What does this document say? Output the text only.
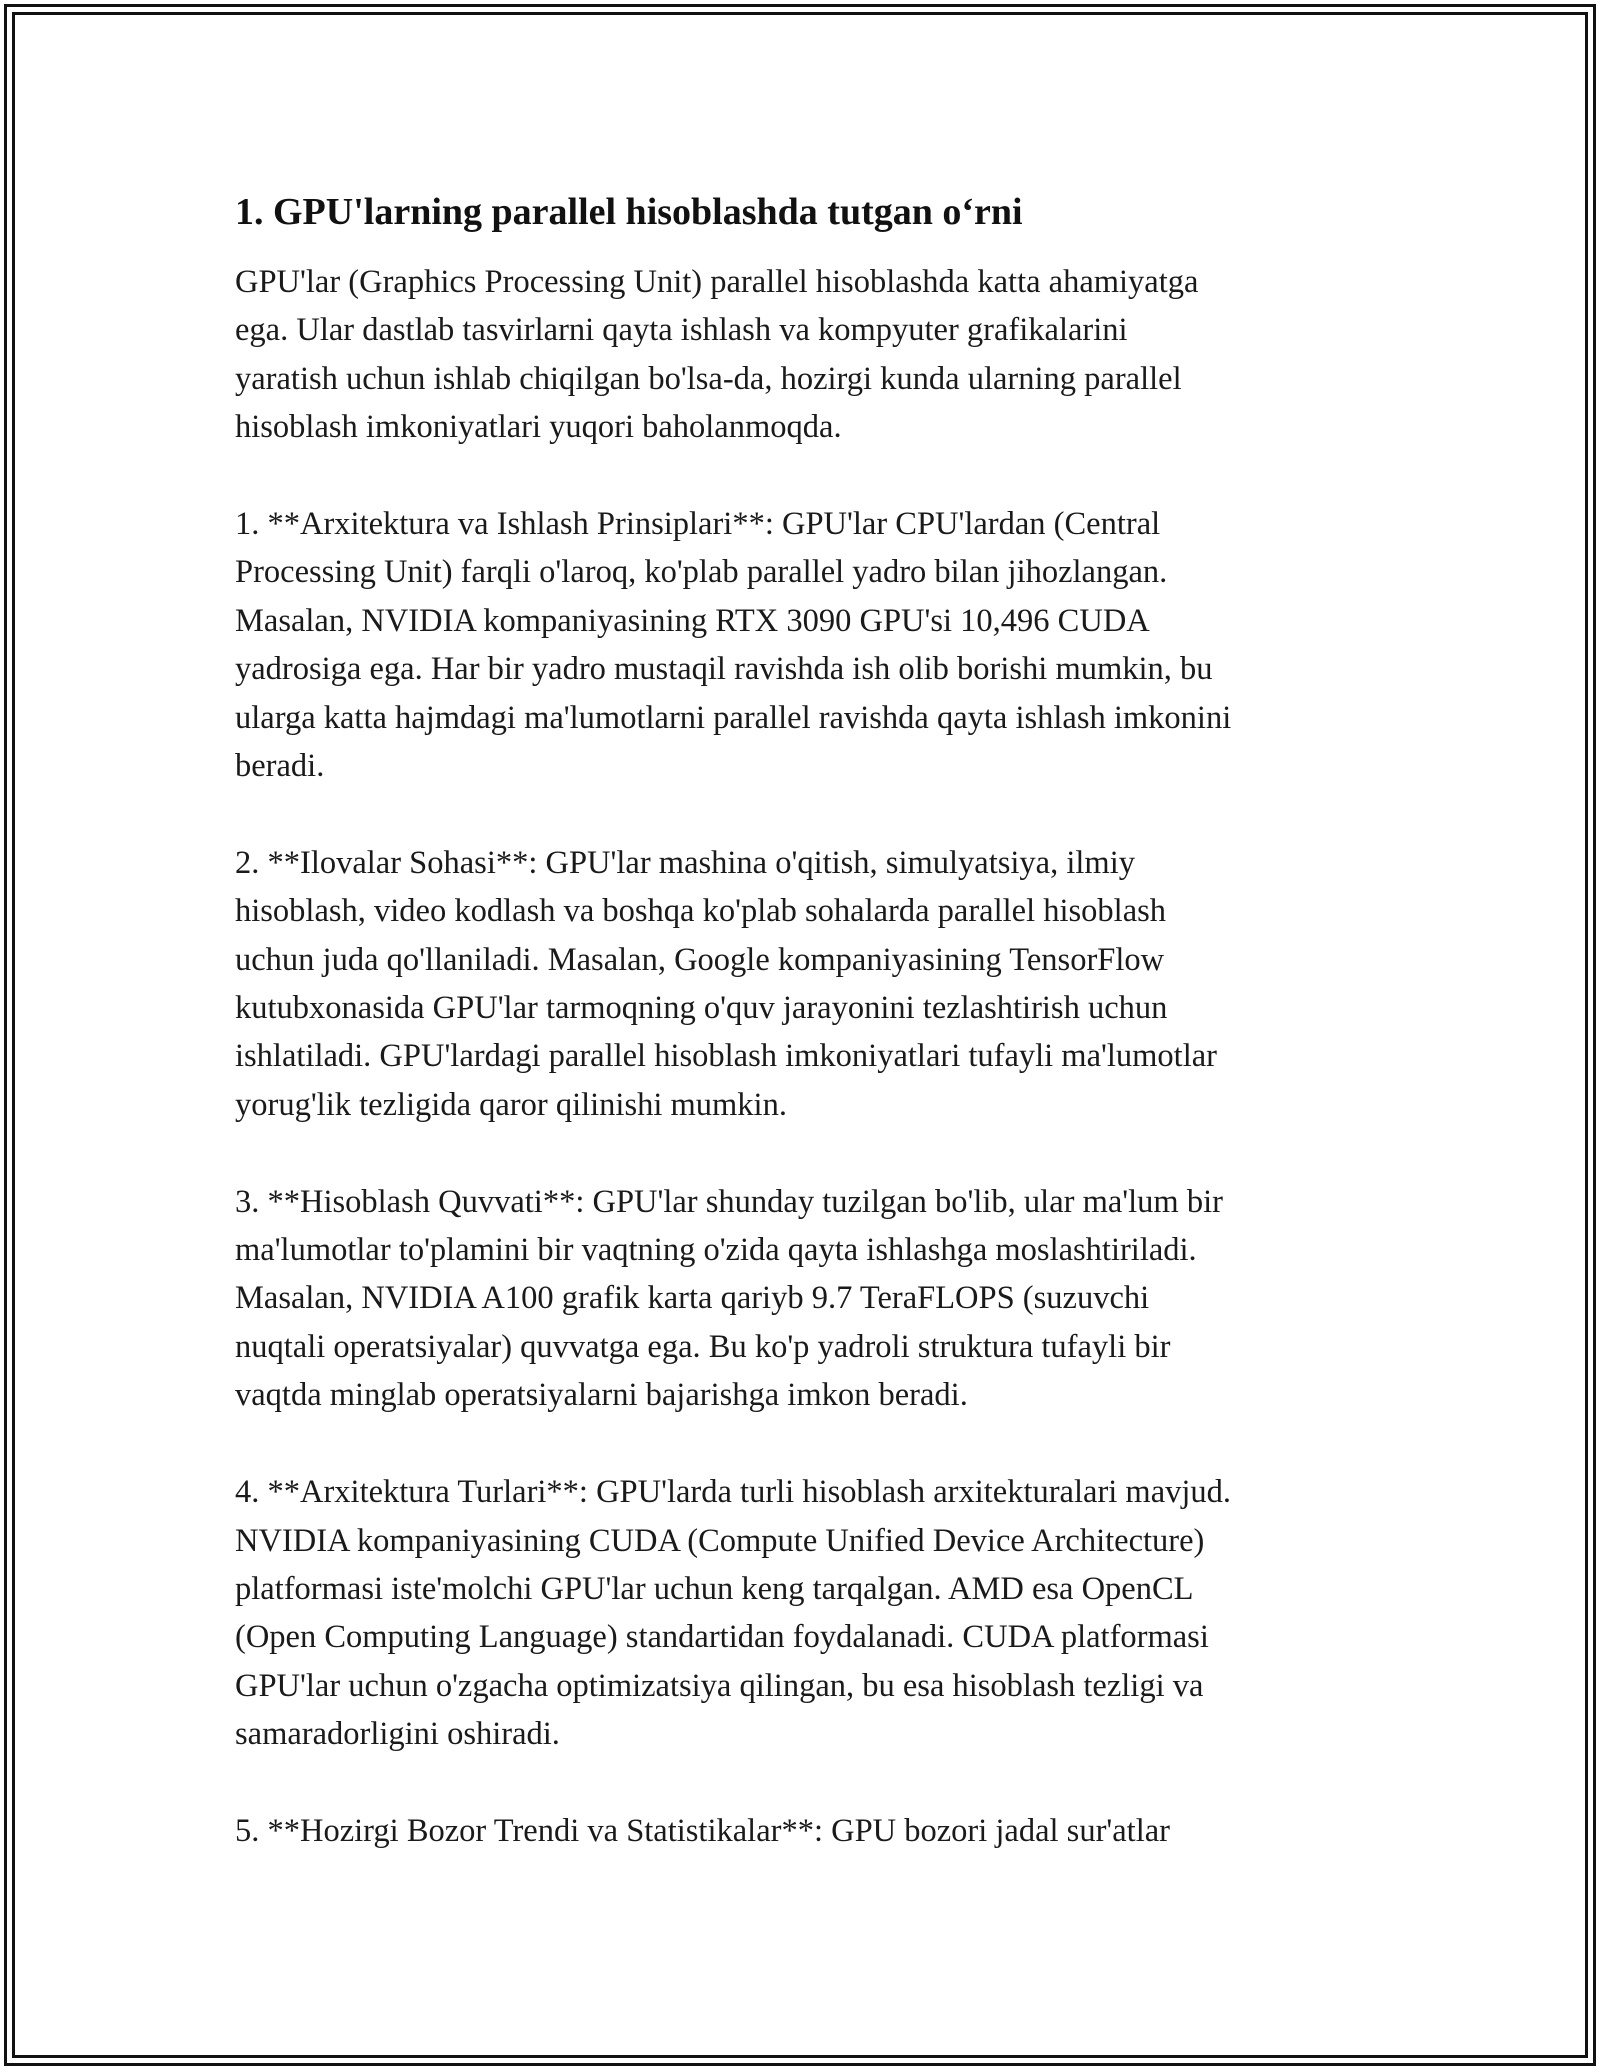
1. GPU'larning parallel hisoblashda tutgan o‘rni
GPU'lar (Graphics Processing Unit) parallel hisoblashda katta ahamiyatga
ega. Ular dastlab tasvirlarni qayta ishlash va kompyuter grafikalarini
yaratish uchun ishlab chiqilgan bo'lsa-da, hozirgi kunda ularning parallel
hisoblash imkoniyatlari yuqori baholanmoqda.
1. **Arxitektura va Ishlash Prinsiplari**: GPU'lar CPU'lardan (Central
Processing Unit) farqli o'laroq, ko'plab parallel yadro bilan jihozlangan.
Masalan, NVIDIA kompaniyasining RTX 3090 GPU'si 10,496 CUDA
yadrosiga ega. Har bir yadro mustaqil ravishda ish olib borishi mumkin, bu
ularga katta hajmdagi ma'lumotlarni parallel ravishda qayta ishlash imkonini
beradi.
2. **Ilovalar Sohasi**: GPU'lar mashina o'qitish, simulyatsiya, ilmiy
hisoblash, video kodlash va boshqa ko'plab sohalarda parallel hisoblash
uchun juda qo'llaniladi. Masalan, Google kompaniyasining TensorFlow
kutubxonasida GPU'lar tarmoqning o'quv jarayonini tezlashtirish uchun
ishlatiladi. GPU'lardagi parallel hisoblash imkoniyatlari tufayli ma'lumotlar
yorug'lik tezligida qaror qilinishi mumkin.
3. **Hisoblash Quvvati**: GPU'lar shunday tuzilgan bo'lib, ular ma'lum bir
ma'lumotlar to'plamini bir vaqtning o'zida qayta ishlashga moslashtiriladi.
Masalan, NVIDIA A100 grafik karta qariyb 9.7 TeraFLOPS (suzuvchi
nuqtali operatsiyalar) quvvatga ega. Bu ko'p yadroli struktura tufayli bir
vaqtda minglab operatsiyalarni bajarishga imkon beradi.
4. **Arxitektura Turlari**: GPU'larda turli hisoblash arxitekturalari mavjud.
NVIDIA kompaniyasining CUDA (Compute Unified Device Architecture)
platformasi iste'molchi GPU'lar uchun keng tarqalgan. AMD esa OpenCL
(Open Computing Language) standartidan foydalanadi. CUDA platformasi
GPU'lar uchun o'zgacha optimizatsiya qilingan, bu esa hisoblash tezligi va
samaradorligini oshiradi.
5. **Hozirgi Bozor Trendi va Statistikalar**: GPU bozori jadal sur'atlar
